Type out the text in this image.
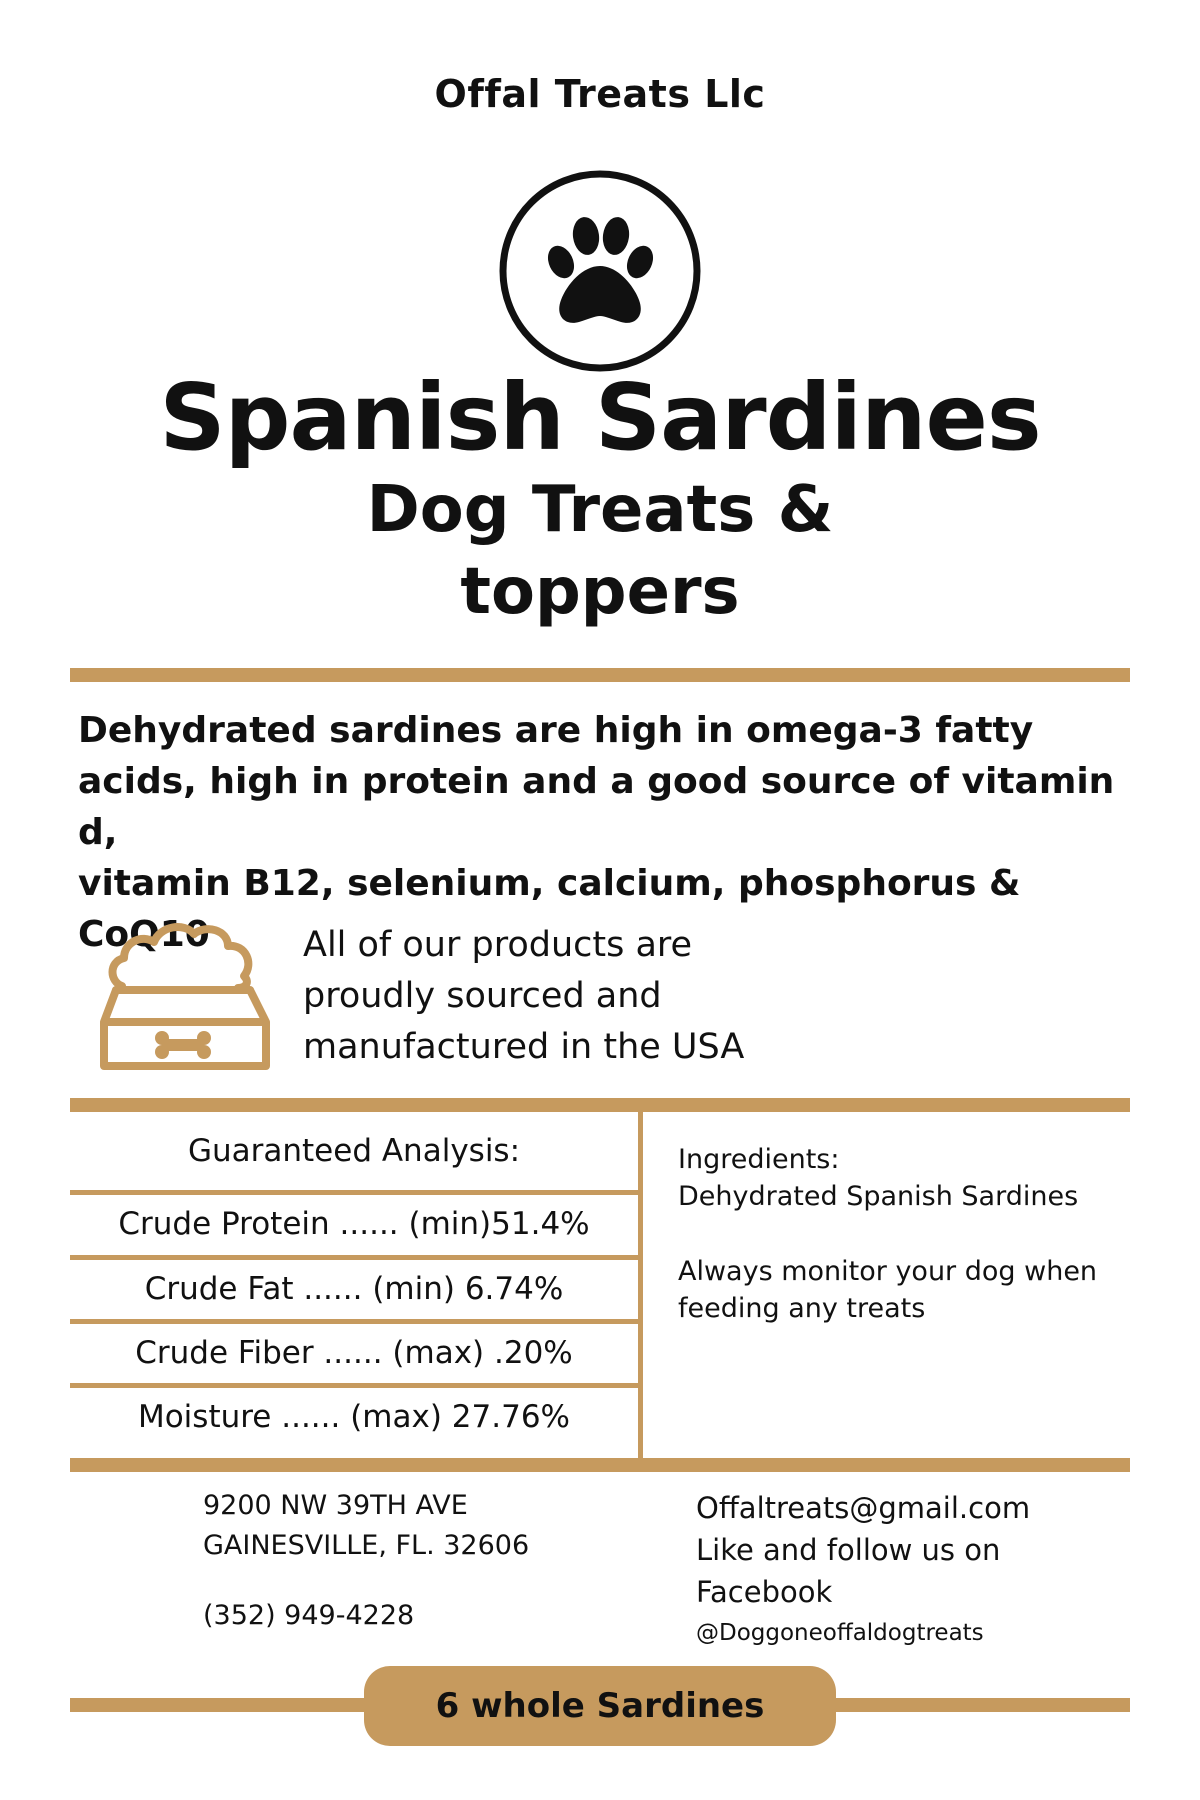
Offal Treats Llc
Spanish Sardines
Dog Treats &
toppers
Dehydrated sardines are high in omega-3 fatty
acids, high in protein and a good source of vitamin d,
vitamin B12, selenium, calcium, phosphorus & CoQ10	All of our products are
proudly sourced and
manufactured in the USA
Guaranteed Analysis:
Crude Protein ...... (min)51.4%
Crude Fat ...... (min) 6.74%
Crude Fiber ...... (max) .20%
Moisture ...... (max) 27.76%
Ingredients:
Dehydrated Spanish Sardines
Always monitor your dog when
feeding any treats
9200 NW 39TH AVE
GAINESVILLE, FL. 32606
(352) 949-4228
Offaltreats@gmail.com
Like and follow us on
Facebook
@Doggoneoffaldogtreats
6 whole Sardines
